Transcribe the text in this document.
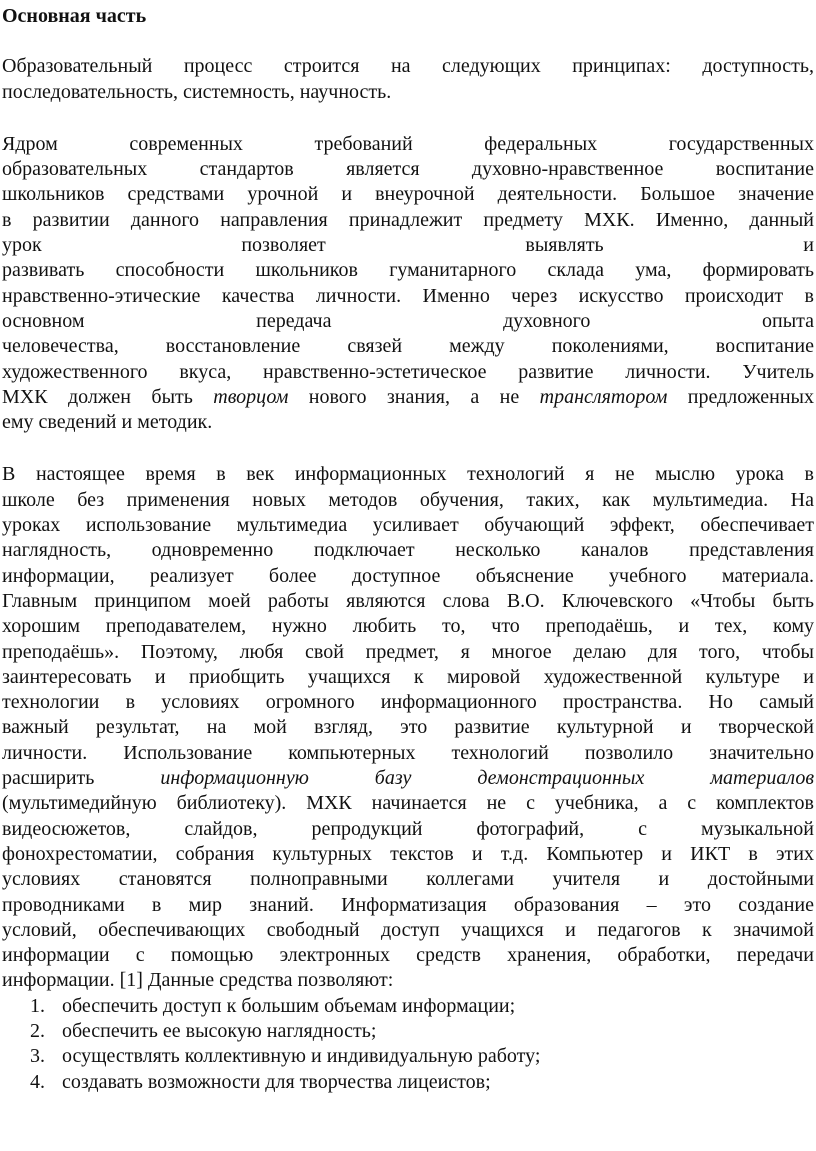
Основная часть
Образовательный процесс строится на следующих принципах: доступность,
последовательность, системность, научность.
Ядром современных требований федеральных государственных
образовательных стандартов является духовно-нравственное воспитание
школьников средствами урочной и внеурочной деятельности. Большое значение
в развитии данного направления принадлежит предмету МХК. Именно, данный
урок позволяет выявлять и
развивать способности школьников гуманитарного склада ума, формировать
нравственно-этические качества личности. Именно через искусство происходит в
основном передача духовного опыта
человечества, восстановление связей между поколениями, воспитание
художественного вкуса, нравственно-эстетическое развитие личности. Учитель
МХК должен быть творцом нового знания, а не транслятором предложенных
ему сведений и методик.
В настоящее время в век информационных технологий я не мыслю урока в
школе без применения новых методов обучения, таких, как мультимедиа. На
уроках использование мультимедиа усиливает обучающий эффект, обеспечивает
наглядность, одновременно подключает несколько каналов представления
информации, реализует более доступное объяснение учебного материала.
Главным принципом моей работы являются слова В.О. Ключевского «Чтобы быть
хорошим преподавателем, нужно любить то, что преподаёшь, и тех, кому
преподаёшь». Поэтому, любя свой предмет, я многое делаю для того, чтобы
заинтересовать и приобщить учащихся к мировой художественной культуре и
технологии в условиях огромного информационного пространства. Но самый
важный результат, на мой взгляд, это развитие культурной и творческой
личности. Использование компьютерных технологий позволило значительно
расширить информационную базу демонстрационных материалов
(мультимедийную библиотеку). МХК начинается не с учебника, а с комплектов
видеосюжетов, слайдов, репродукций фотографий, с музыкальной
фонохрестоматии, собрания культурных текстов и т.д. Компьютер и ИКТ в этих
условиях становятся полноправными коллегами учителя и достойными
проводниками в мир знаний. Информатизация образования – это создание
условий, обеспечивающих свободный доступ учащихся и педагогов к значимой
информации с помощью электронных средств хранения, обработки, передачи
информации. [1] Данные средства позволяют:
1. обеспечить доступ к большим объемам информации;
2. обеспечить ее высокую наглядность;
3. осуществлять коллективную и индивидуальную работу;
4. создавать возможности для творчества лицеистов;
